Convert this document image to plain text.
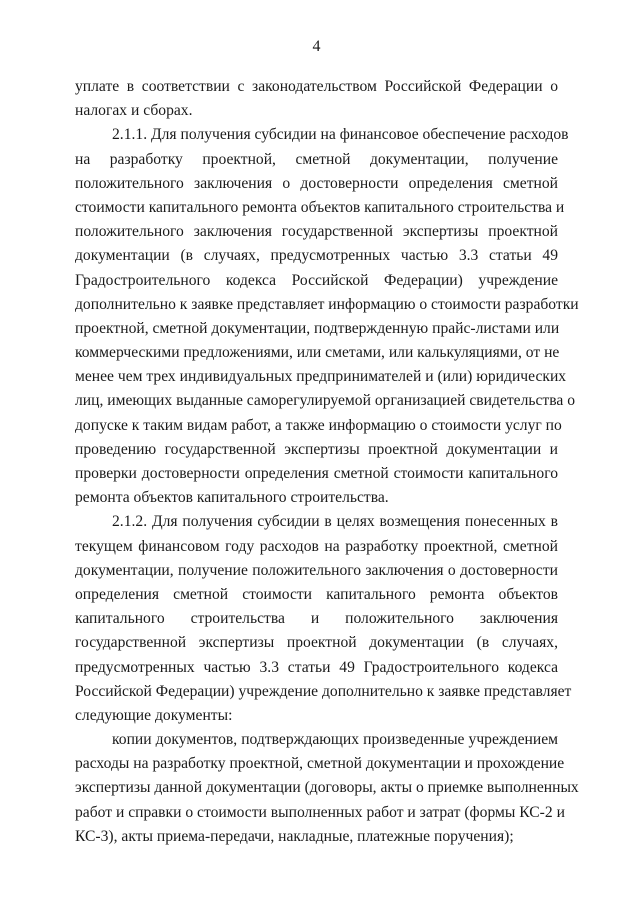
4
уплате в соответствии с законодательством Российской Федерации о
налогах и сборах.
2.1.1. Для получения субсидии на финансовое обеспечение расходов
на разработку проектной, сметной документации, получение
положительного заключения о достоверности определения сметной
стоимости капитального ремонта объектов капитального строительства и
положительного заключения государственной экспертизы проектной
документации (в случаях, предусмотренных частью 3.3 статьи 49
Градостроительного кодекса Российской Федерации) учреждение
дополнительно к заявке представляет информацию о стоимости разработки
проектной, сметной документации, подтвержденную прайс-листами или
коммерческими предложениями, или сметами, или калькуляциями, от не
менее чем трех индивидуальных предпринимателей и (или) юридических
лиц, имеющих выданные саморегулируемой организацией свидетельства о
допуске к таким видам работ, а также информацию о стоимости услуг по
проведению государственной экспертизы проектной документации и
проверки достоверности определения сметной стоимости капитального
ремонта объектов капитального строительства.
2.1.2. Для получения субсидии в целях возмещения понесенных в
текущем финансовом году расходов на разработку проектной, сметной
документации, получение положительного заключения о достоверности
определения сметной стоимости капитального ремонта объектов
капитального строительства и положительного заключения
государственной экспертизы проектной документации (в случаях,
предусмотренных частью 3.3 статьи 49 Градостроительного кодекса
Российской Федерации) учреждение дополнительно к заявке представляет
следующие документы:
копии документов, подтверждающих произведенные учреждением
расходы на разработку проектной, сметной документации и прохождение
экспертизы данной документации (договоры, акты о приемке выполненных
работ и справки о стоимости выполненных работ и затрат (формы КС-2 и
КС-3), акты приема-передачи, накладные, платежные поручения);
